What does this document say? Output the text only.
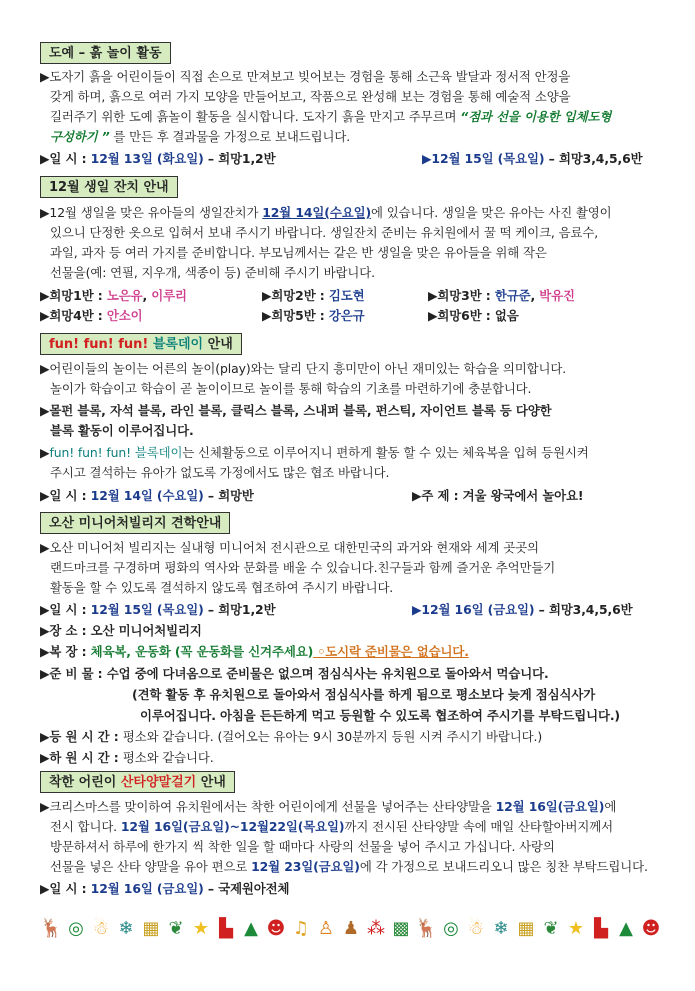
도예 – 흙 놀이 활동
▶도자기 흙을 어린이들이 직접 손으로 만져보고 빚어보는 경험을 통해 소근육 발달과 정서적 안정을
갖게 하며, 흙으로 여러 가지 모양을 만들어보고, 작품으로 완성해 보는 경험을 통해 예술적 소양을
길러주기 위한 도예 흙놀이 활동을 실시합니다. 도자기 흙을 만지고 주무르며 “점과 선을 이용한 입체도형
구성하기 ” 를 만든 후 결과물을 가정으로 보내드립니다.
▶일 시 : 12월 13일 (화요일) – 희망1,2반	▶12월 15일 (목요일) – 희망3,4,5,6반
12월 생일 잔치 안내
▶12월 생일을 맞은 유아들의 생일잔치가 12월 14일(수요일)에 있습니다. 생일을 맞은 유아는 사진 촬영이
있으니 단정한 옷으로 입혀서 보내 주시기 바랍니다. 생일잔치 준비는 유치원에서 꿀 떡 케이크, 음료수,
과일, 과자 등 여러 가지를 준비합니다. 부모님께서는 같은 반 생일을 맞은 유아들을 위해 작은
선물을(예: 연필, 지우개, 색종이 등) 준비해 주시기 바랍니다.
▶희망1반 : 노은유, 이루리	▶희망2반 : 김도현	▶희망3반 : 한규준, 박유진
▶희망4반 : 안소이	▶희망5반 : 강은규	▶희망6반 : 없음
fun! fun! fun! 블록데이 안내
▶어린이들의 놀이는 어른의 놀이(play)와는 달리 단지 흥미만이 아닌 재미있는 학습을 의미합니다.
놀이가 학습이고 학습이 곧 놀이이므로 놀이를 통해 학습의 기초를 마련하기에 충분합니다.
▶몰펀 블록, 자석 블록, 라인 블록, 클릭스 블록, 스내퍼 블록, 펀스틱, 자이언트 블록 등 다양한
블록 활동이 이루어집니다.
▶fun! fun! fun! 블록데이는 신체활동으로 이루어지니 편하게 활동 할 수 있는 체육복을 입혀 등원시켜
주시고 결석하는 유아가 없도록 가정에서도 많은 협조 바랍니다.
▶일 시 : 12월 14일 (수요일) – 희망반	▶주 제 : 겨울 왕국에서 놀아요!
오산 미니어처빌리지 견학안내
▶오산 미니어처 빌리지는 실내형 미니어처 전시관으로 대한민국의 과거와 현재와 세계 곳곳의
랜드마크를 구경하며 평화의 역사와 문화를 배울 수 있습니다.친구들과 함께 즐거운 추억만들기
활동을 할 수 있도록 결석하지 않도록 협조하여 주시기 바랍니다.
▶일 시 : 12월 15일 (목요일) – 희망1,2반	▶12월 16일 (금요일) – 희망3,4,5,6반
▶장 소 : 오산 미니어처빌리지
▶복 장 : 체육복, 운동화 (꼭 운동화를 신겨주세요) ◦도시락 준비물은 없습니다.
▶준 비 물 : 수업 중에 다녀옴으로 준비물은 없으며 점심식사는 유치원으로 돌아와서 먹습니다.
(견학 활동 후 유치원으로 돌아와서 점심식사를 하게 됨으로 평소보다 늦게 점심식사가
이루어집니다. 아침을 든든하게 먹고 등원할 수 있도록 협조하여 주시기를 부탁드립니다.)
▶등 원 시 간 : 평소와 같습니다. (걸어오는 유아는 9시 30분까지 등원 시켜 주시기 바랍니다.)
▶하 원 시 간 : 평소와 같습니다.
착한 어린이 산타양말걸기 안내
▶크리스마스를 맞이하여 유치원에서는 착한 어린이에게 선물을 넣어주는 산타양말을 12월 16일(금요일)에
전시 합니다. 12월 16일(금요일)~12월22일(목요일)까지 전시된 산타양말 속에 매일 산타할아버지께서
방문하셔서 하루에 한가지 씩 착한 일을 할 때마다 사랑의 선물을 넣어 주시고 가십니다. 사랑의
선물을 넣은 산타 양말을 유아 편으로 12월 23일(금요일)에 각 가정으로 보내드리오니 많은 칭찬 부탁드립니다.
▶일 시 : 12월 16일 (금요일) – 국제원아전체
🦌 ◎ ☃ ❄ ▦ ❦ ★ ▙ ▲ ☻ ♫ ♙ ♟ ⁂ ▩ 🦌 ◎ ☃ ❄ ▦ ❦ ★ ▙ ▲ ☻
